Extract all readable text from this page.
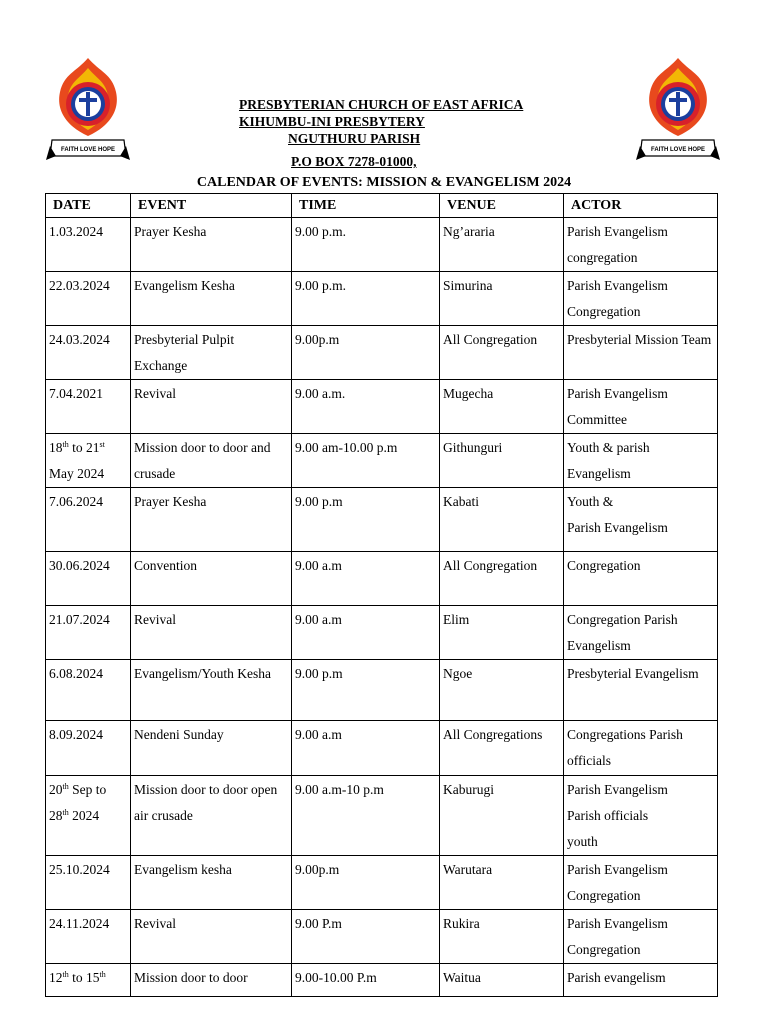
FAITH LOVE HOPE	FAITH LOVE HOPE
PRESBYTERIAN CHURCH OF EAST AFRICA
KIHUMBU-INI PRESBYTERY
NGUTHURU PARISH
P.O BOX 7278-01000,
CALENDAR OF EVENTS: MISSION & EVANGELISM 2024
DATE	EVENT	TIME	VENUE	ACTOR
1.03.2024	Prayer Kesha	9.00 p.m.	Ng’araria	Parish Evangelism congregation
22.03.2024	Evangelism Kesha	9.00 p.m.	Simurina	Parish Evangelism Congregation
24.03.2024	Presbyterial Pulpit Exchange	9.00p.m	All Congregation	Presbyterial Mission Team
7.04.2021	Revival	9.00 a.m.	Mugecha	Parish Evangelism Committee
18th to 21st May 2024	Mission door to door and crusade	9.00 am-10.00 p.m	Githunguri	Youth & parish Evangelism
7.06.2024	Prayer Kesha	9.00 p.m	Kabati	Youth &
Parish Evangelism

30.06.2024	Convention	9.00 a.m	All Congregation	Congregation
21.07.2024	Revival	9.00 a.m	Elim	Congregation Parish Evangelism
6.08.2024	Evangelism/Youth Kesha	9.00 p.m	Ngoe	Presbyterial Evangelism
8.09.2024	Nendeni Sunday	9.00 a.m	All Congregations	Congregations Parish officials
20th Sep to 28th 2024	Mission door to door open air crusade	9.00 a.m-10 p.m	Kaburugi	Parish Evangelism
Parish officials
youth

25.10.2024	Evangelism kesha	9.00p.m	Warutara	Parish Evangelism Congregation
24.11.2024	Revival	9.00 P.m	Rukira	Parish Evangelism Congregation
12th to 15th	Mission door to door	9.00-10.00 P.m	Waitua	Parish evangelism
